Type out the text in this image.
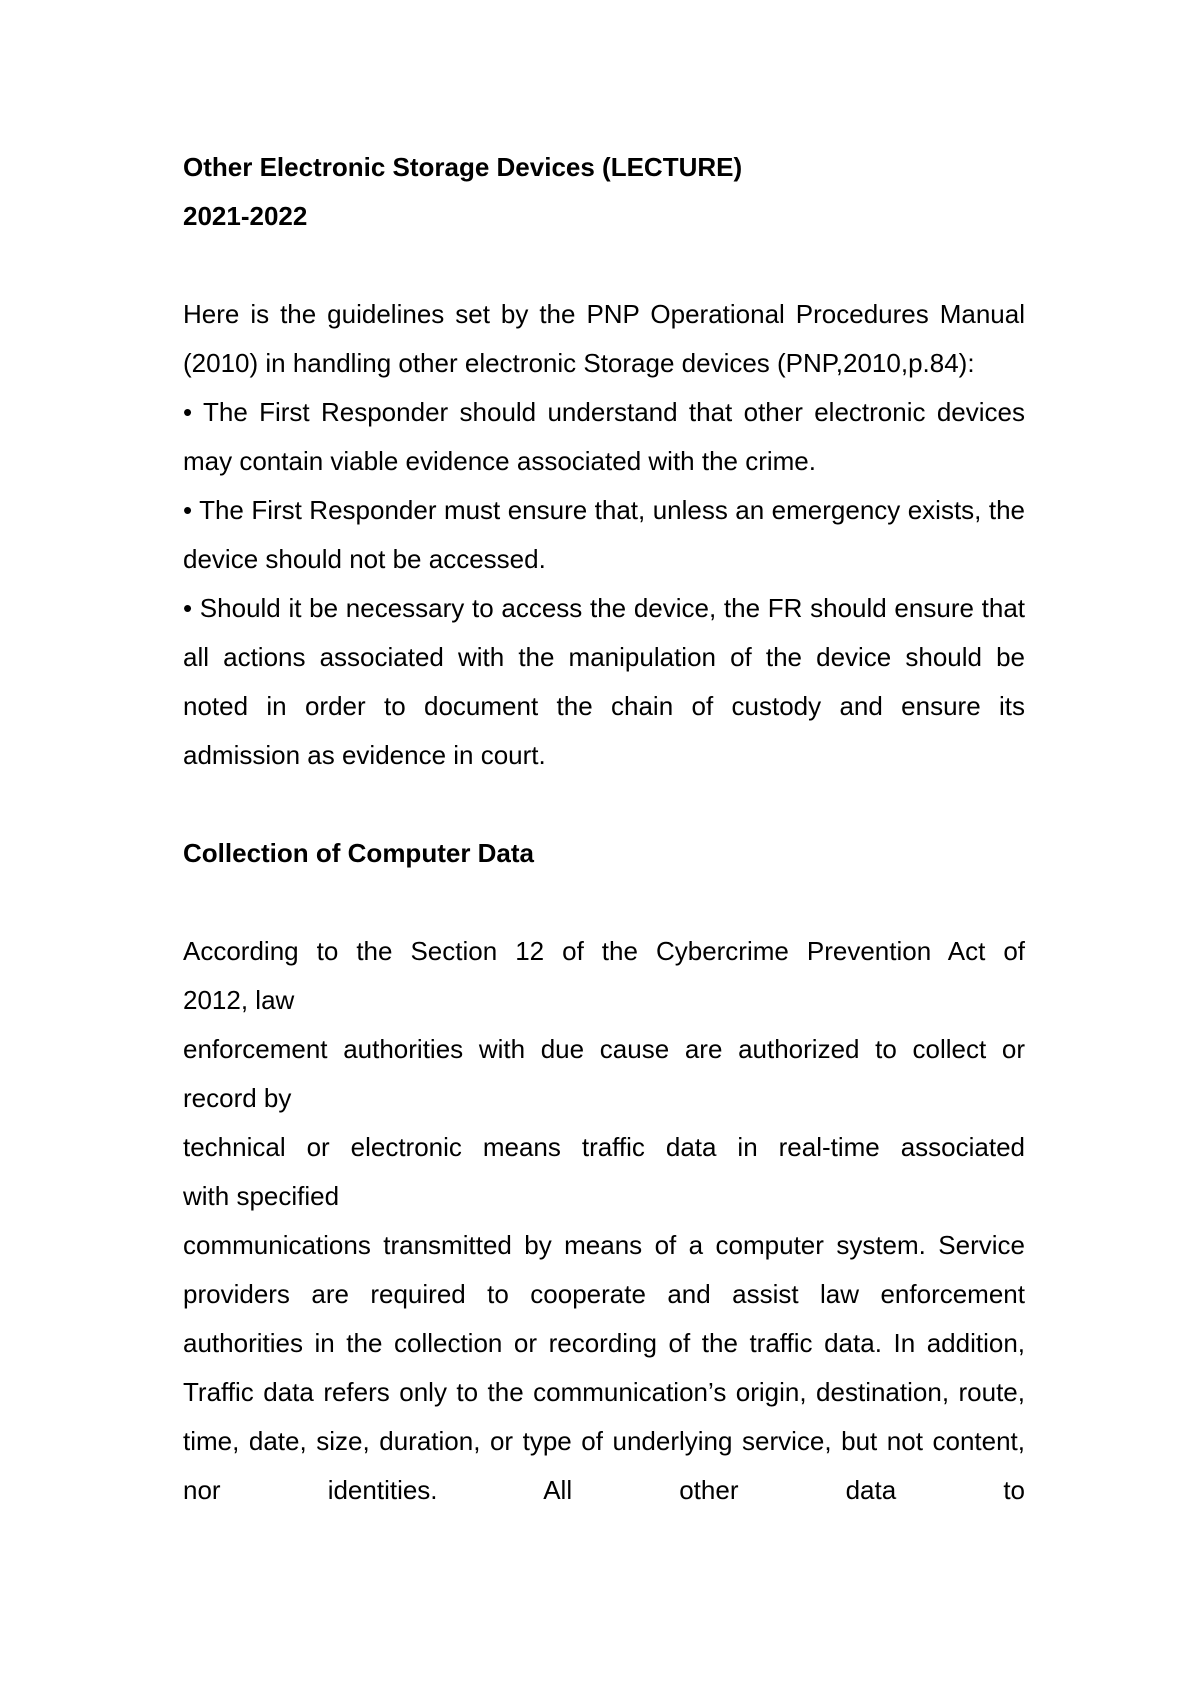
Other Electronic Storage Devices (LECTURE)

2021-2022

Here is the guidelines set by the PNP Operational Procedures Manual (2010) in handling other electronic Storage devices (PNP,2010,p.84):

• The First Responder should understand that other electronic devices may contain viable evidence associated with the crime.

• The First Responder must ensure that, unless an emergency exists, the device should not be accessed.

• Should it be necessary to access the device, the FR should ensure that all actions associated with the manipulation of the device should be noted in order to document the chain of custody and ensure its admission as evidence in court.

Collection of Computer Data

According to the Section 12 of the Cybercrime Prevention Act of
2012, law
enforcement authorities with due cause are authorized to collect or
record by
technical or electronic means traffic data in real-time associated
with specified

communications transmitted by means of a computer system. Service providers are required to cooperate and assist law enforcement authorities in the collection or recording of the traffic data. In addition, Traffic data refers only to the communication’s origin, destination, route, time, date, size, duration, or type of underlying service, but not content, nor identities. All other data to
